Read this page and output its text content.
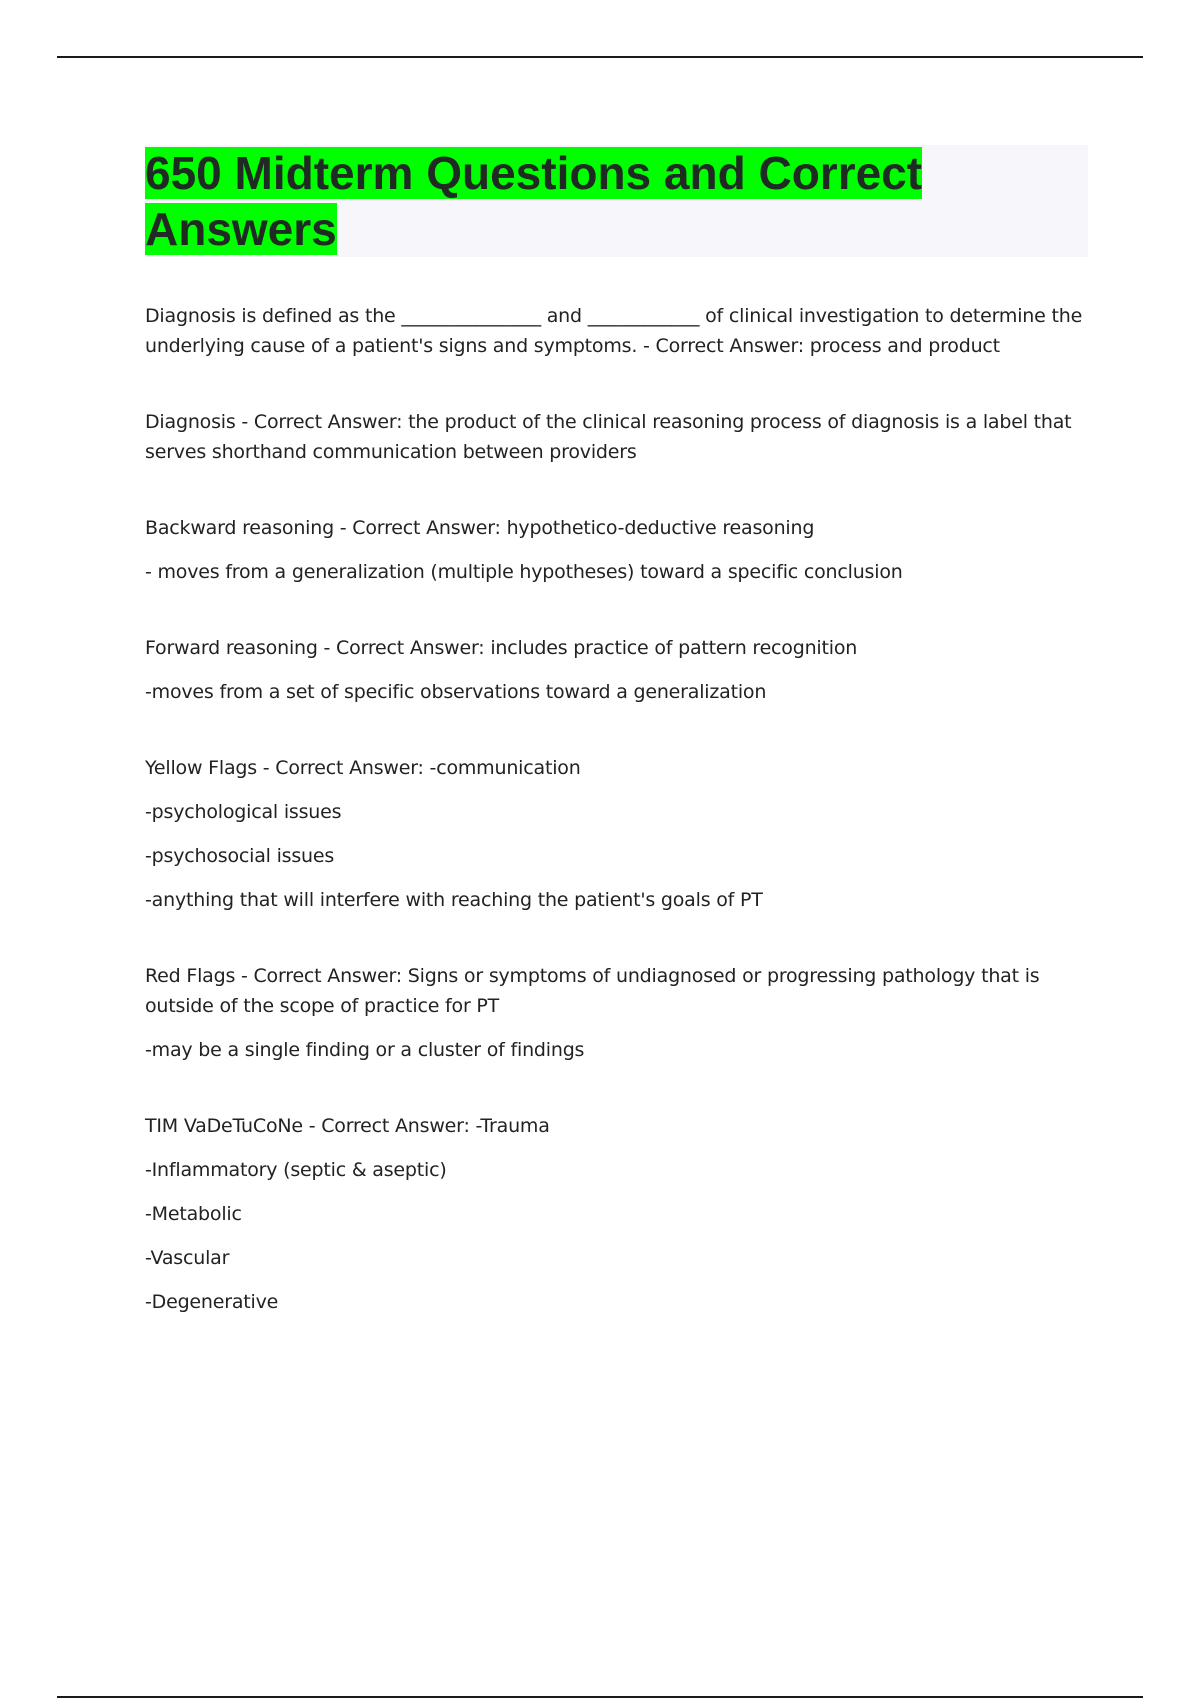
650 Midterm Questions and Correct Answers

Diagnosis is defined as the _______________ and ____________ of clinical investigation to determine the underlying cause of a patient's signs and symptoms. - Correct Answer: process and product

Diagnosis - Correct Answer: the product of the clinical reasoning process of diagnosis is a label that serves shorthand communication between providers

Backward reasoning - Correct Answer: hypothetico-deductive reasoning

- moves from a generalization (multiple hypotheses) toward a specific conclusion

Forward reasoning - Correct Answer: includes practice of pattern recognition

-moves from a set of specific observations toward a generalization

Yellow Flags - Correct Answer: -communication

-psychological issues

-psychosocial issues

-anything that will interfere with reaching the patient's goals of PT

Red Flags - Correct Answer: Signs or symptoms of undiagnosed or progressing pathology that is outside of the scope of practice for PT

-may be a single finding or a cluster of findings

TIM VaDeTuCoNe - Correct Answer: -Trauma

-Inflammatory (septic & aseptic)

-Metabolic

-Vascular

-Degenerative
